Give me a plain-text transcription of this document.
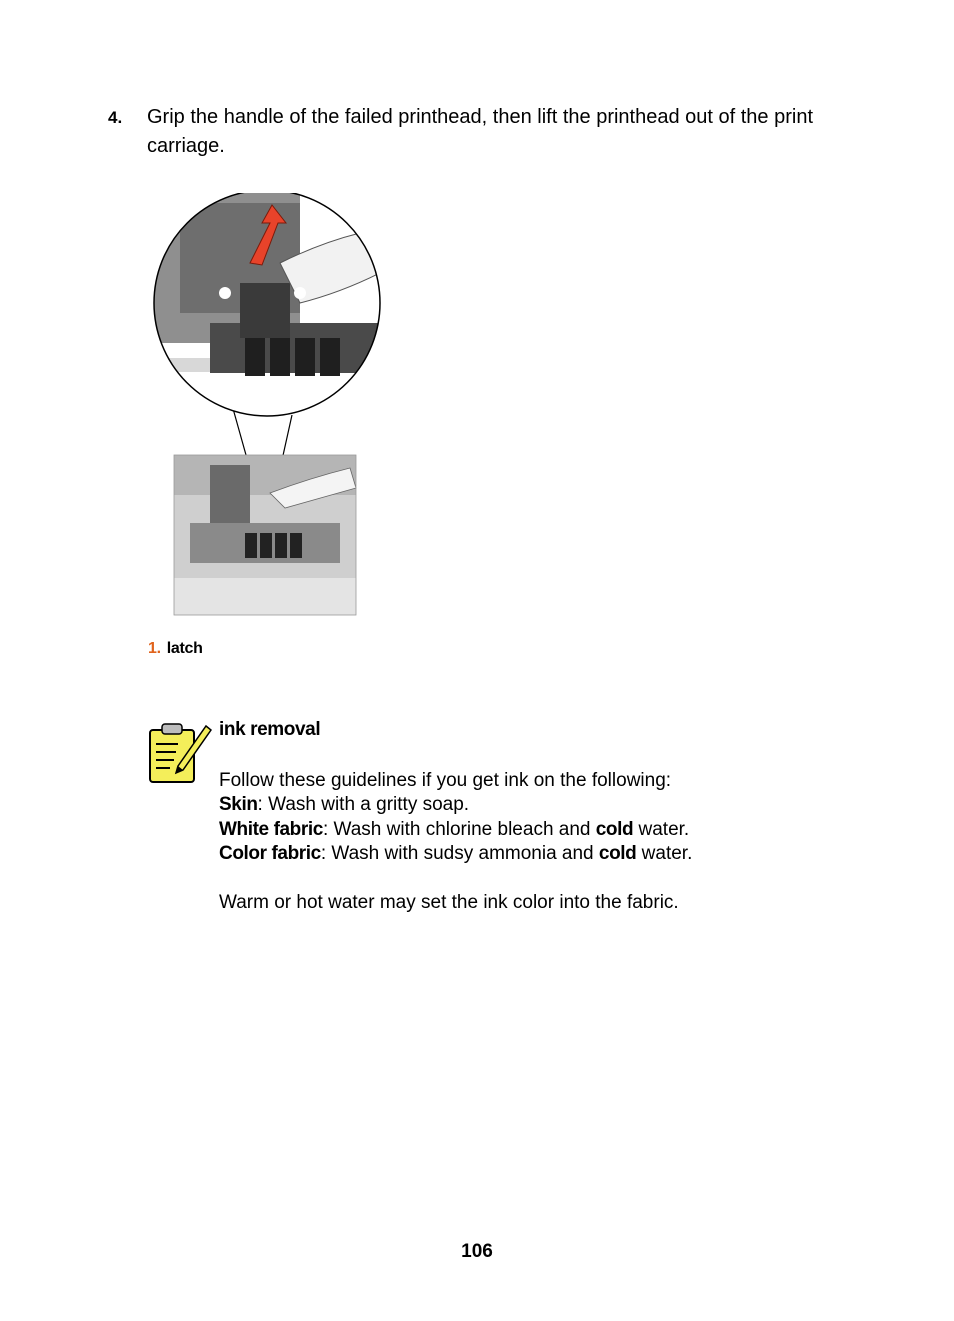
4. Grip the handle of the failed printhead, then lift the printhead out of the print carriage.
1. latch
ink removal
Follow these guidelines if you get ink on the following:
Skin: Wash with a gritty soap.
White fabric: Wash with chlorine bleach and cold water.
Color fabric: Wash with sudsy ammonia and cold water.
Warm or hot water may set the ink color into the fabric.
106
